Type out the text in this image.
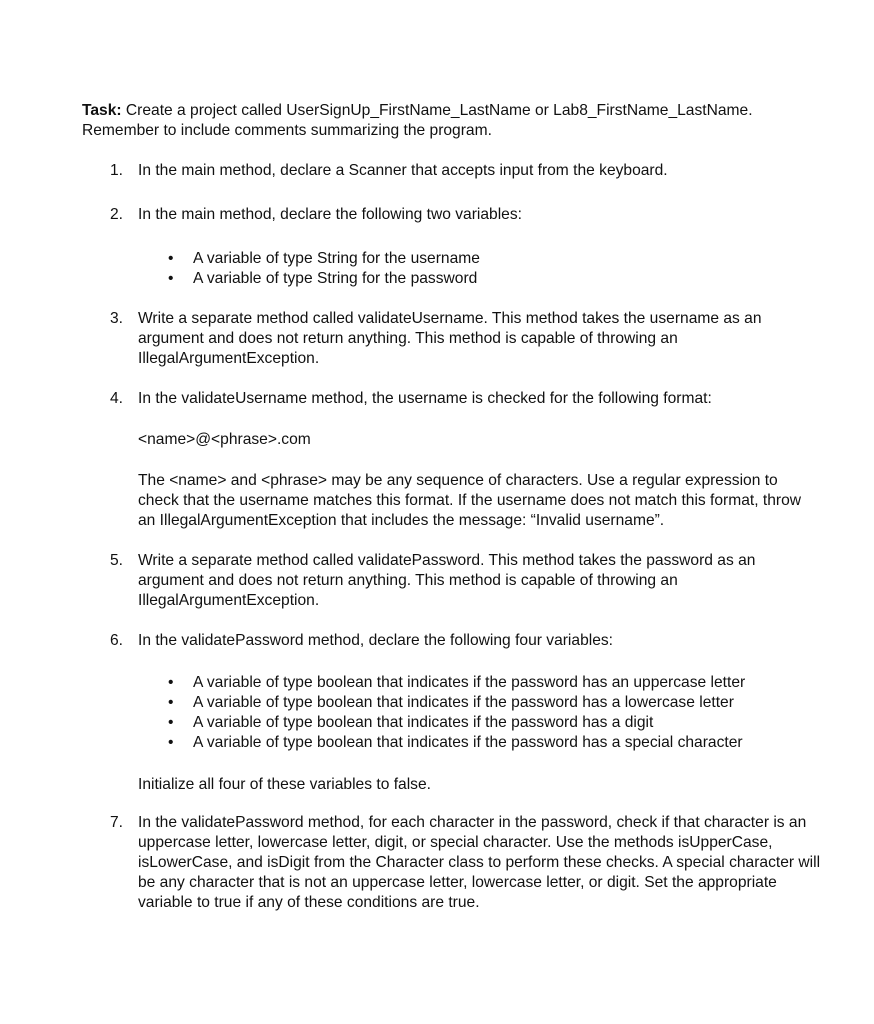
Task: Create a project called UserSignUp_FirstName_LastName or Lab8_FirstName_LastName. Remember to include comments summarizing the program.

1. In the main method, declare a Scanner that accepts input from the keyboard.

2. In the main method, declare the following two variables:

• A variable of type String for the username
• A variable of type String for the password
3. Write a separate method called validateUsername. This method takes the username as an argument and does not return anything. This method is capable of throwing an IllegalArgumentException.

4. In the validateUsername method, the username is checked for the following format:

<name>@<phrase>.com

The <name> and <phrase> may be any sequence of characters. Use a regular expression to check that the username matches this format. If the username does not match this format, throw an IllegalArgumentException that includes the message: “Invalid username”.

5. Write a separate method called validatePassword. This method takes the password as an argument and does not return anything. This method is capable of throwing an IllegalArgumentException.

6. In the validatePassword method, declare the following four variables:

• A variable of type boolean that indicates if the password has an uppercase letter
• A variable of type boolean that indicates if the password has a lowercase letter
• A variable of type boolean that indicates if the password has a digit
• A variable of type boolean that indicates if the password has a special character

Initialize all four of these variables to false.

7. In the validatePassword method, for each character in the password, check if that character is an uppercase letter, lowercase letter, digit, or special character. Use the methods isUpperCase, isLowerCase, and isDigit from the Character class to perform these checks. A special character will be any character that is not an uppercase letter, lowercase letter, or digit. Set the appropriate variable to true if any of these conditions are true.
